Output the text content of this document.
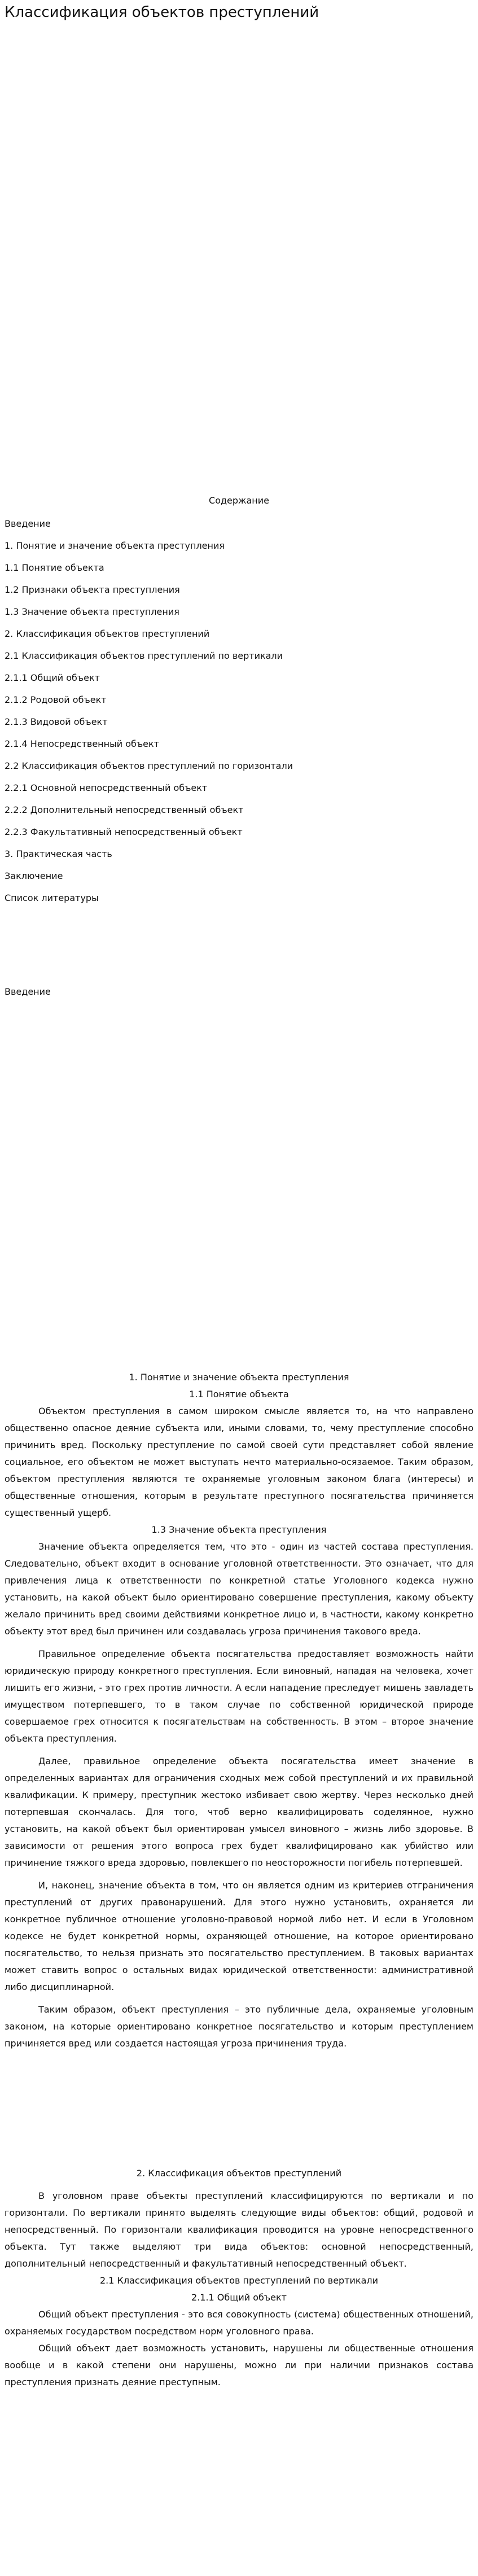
Классификация объектов преступлений
Содержание
Введение
1. Понятие и значение объекта преступления
1.1 Понятие объекта
1.2 Признаки объекта преступления
1.3 Значение объекта преступления
2. Классификация объектов преступлений
2.1 Классификация объектов преступлений по вертикали
2.1.1 Общий объект
2.1.2 Родовой объект
2.1.3 Видовой объект
2.1.4 Непосредственный объект
2.2 Классификация объектов преступлений по горизонтали
2.2.1 Основной непосредственный объект
2.2.2 Дополнительный непосредственный объект
2.2.3 Факультативный непосредственный объект
3. Практическая часть
Заключение
Список литературы
Введение

1. Понятие и значение объекта преступления

1.1 Понятие объекта

Объектом преступления в самом широком смысле является то, на что направлено общественно опасное деяние субъекта или, иными словами, то, чему преступление способно причинить вред. Поскольку преступление по самой своей сути представляет собой явление социальное, его объектом не может выступать нечто материально-осязаемое. Таким образом, объектом преступления являются те охраняемые уголовным законом блага (интересы) и общественные отношения, которым в результате преступного посягательства причиняется существенный ущерб.

1.3 Значение объекта преступления

Значение объекта определяется тем, что это - один из частей состава преступления. Следовательно, объект входит в основание уголовной ответственности. Это означает, что для привлечения лица к ответственности по конкретной статье Уголовного кодекса нужно установить, на какой объект было ориентировано совершение преступления, какому объекту желало причинить вред своими действиями конкретное лицо и, в частности, какому конкретно объекту этот вред был причинен или создавалась угроза причинения такового вреда.

Правильное определение объекта посягательства предоставляет возможность найти юридическую природу конкретного преступления. Если виновный, нападая на человека, хочет лишить его жизни, - это грех против личности. А если нападение преследует мишень завладеть имуществом потерпевшего, то в таком случае по собственной юридической природе совершаемое грех относится к посягательствам на собственность. В этом – второе значение объекта преступления.

Далее, правильное определение объекта посягательства имеет значение в определенных вариантах для ограничения сходных меж собой преступлений и их правильной квалификации. К примеру, преступник жестоко избивает свою жертву. Через несколько дней потерпевшая скончалась. Для того, чтоб верно квалифицировать соделянное, нужно установить, на какой объект был ориентирован умысел виновного – жизнь либо здоровье. В зависимости от решения этого вопроса грех будет квалифицировано как убийство или причинение тяжкого вреда здоровью, повлекшего по неосторожности погибель потерпевшей.

И, наконец, значение объекта в том, что он является одним из критериев отграничения преступлений от других правонарушений. Для этого нужно установить, охраняется ли конкретное публичное отношение уголовно-правовой нормой либо нет. И если в Уголовном кодексе не будет конкретной нормы, охраняющей отношение, на которое ориентировано посягательство, то нельзя признать это посягательство преступлением. В таковых вариантах может ставить вопрос о остальных видах юридической ответственности: административной либо дисциплинарной.

Таким образом, объект преступления – это публичные дела, охраняемые уголовным законом, на которые ориентировано конкретное посягательство и которым преступлением причиняется вред или создается настоящая угроза причинения труда.

2. Классификация объектов преступлений

В уголовном праве объекты преступлений классифицируются по вертикали и по горизонтали. По вертикали принято выделять следующие виды объектов: общий, родовой и непосредственный. По горизонтали квалификация проводится на уровне непосредственного объекта. Тут также выделяют три вида объектов: основной непосредственный, дополнительный непосредственный и факультативный непосредственный объект.

2.1 Классификация объектов преступлений по вертикали

2.1.1 Общий объект

Общий объект преступления - это вся совокупность (система) общественных отношений, охраняемых государством посредством норм уголовного права.

Общий объект дает возможность установить, нарушены ли общественные отношения вообще и в какой степени они нарушены, можно ли при наличии признаков состава преступления признать деяние преступным.
